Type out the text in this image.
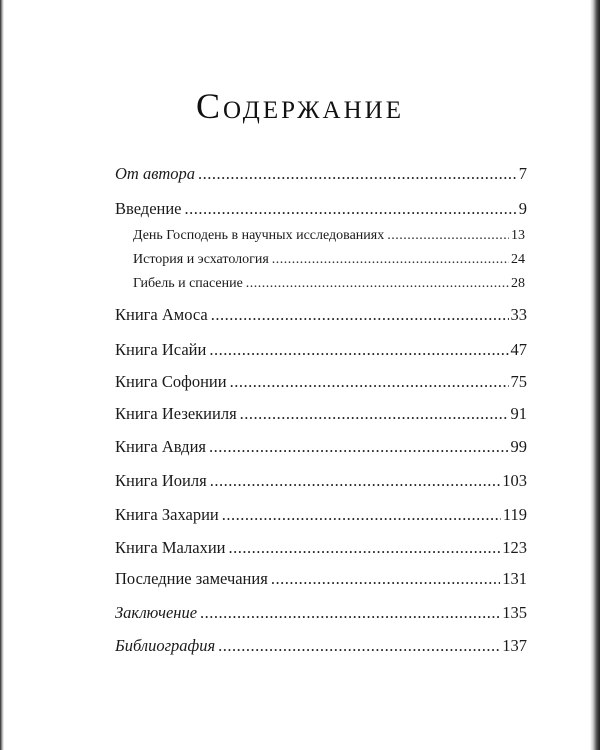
Содержание
От автора .....	7
Введение .....	9
День Господень в научных исследованиях .....	13
История и эсхатология .....	24
Гибель и спасение .....	28
Книга Амоса .....	33
Книга Исайи .....	47
Книга Софонии .....	75
Книга Иезекииля .....	91
Книга Авдия .....	99
Книга Иоиля .....	103
Книга Захарии .....	119
Книга Малахии .....	123
Последние замечания .....	131
Заключение .....	135
Библиография .....	137
